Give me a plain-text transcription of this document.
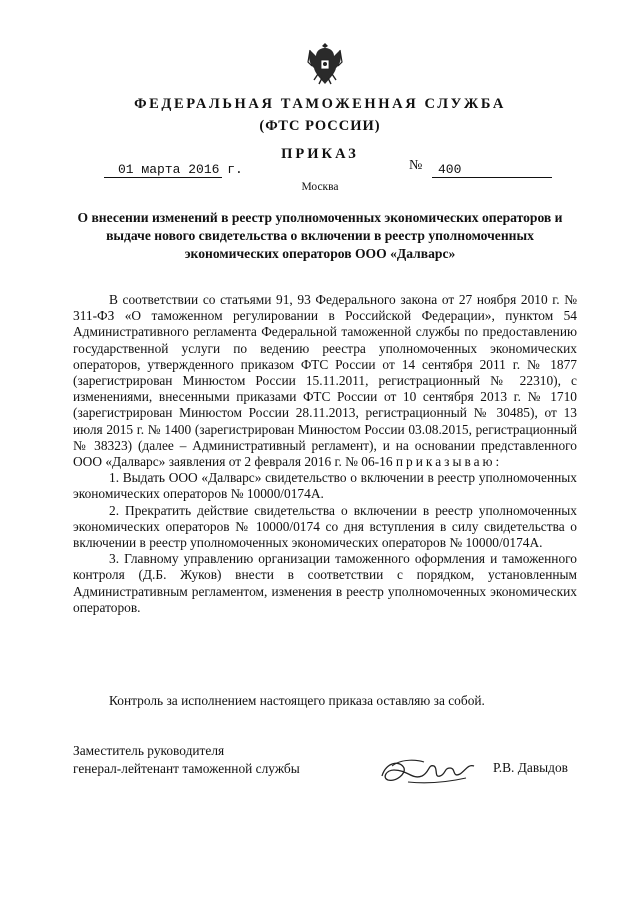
ФЕДЕРАЛЬНАЯ ТАМОЖЕННАЯ СЛУЖБА
(ФТС РОССИИ)
ПРИКАЗ
01 марта 2016 г.	№ 400
Москва
О внесении изменений в реестр уполномоченных экономических операторов и выдаче нового свидетельства о включении в реестр уполномоченных экономических операторов ООО «Далварс»

В соответствии со статьями 91, 93 Федерального закона от 27 ноября 2010 г. № 311-ФЗ «О таможенном регулировании в Российской Федерации», пунктом 54 Административного регламента Федеральной таможенной службы по предоставлению государственной услуги по ведению реестра уполномоченных экономических операторов, утвержденного приказом ФТС России от 14 сентября 2011 г. № 1877 (зарегистрирован Минюстом России 15.11.2011, регистрационный № 22310), с изменениями, внесенными приказами ФТС России от 10 сентября 2013 г. № 1710 (зарегистрирован Минюстом России 28.11.2013, регистрационный № 30485), от 13 июля 2015 г. № 1400 (зарегистрирован Минюстом России 03.08.2015, регистрационный № 38323) (далее – Административный регламент), и на основании представленного ООО «Далварс» заявления от 2 февраля 2016 г. № 06-16 приказываю:

1. Выдать ООО «Далварс» свидетельство о включении в реестр уполномоченных экономических операторов № 10000/0174А.

2. Прекратить действие свидетельства о включении в реестр уполномоченных экономических операторов № 10000/0174 со дня вступления в силу свидетельства о включении в реестр уполномоченных экономических операторов № 10000/0174А.

3. Главному управлению организации таможенного оформления и таможенного контроля (Д.Б. Жуков) внести в соответствии с порядком, установленным Административным регламентом, изменения в реестр уполномоченных экономических операторов.

Контроль за исполнением настоящего приказа оставляю за собой.
Заместитель руководителя
генерал-лейтенант таможенной службы	Р.В. Давыдов
